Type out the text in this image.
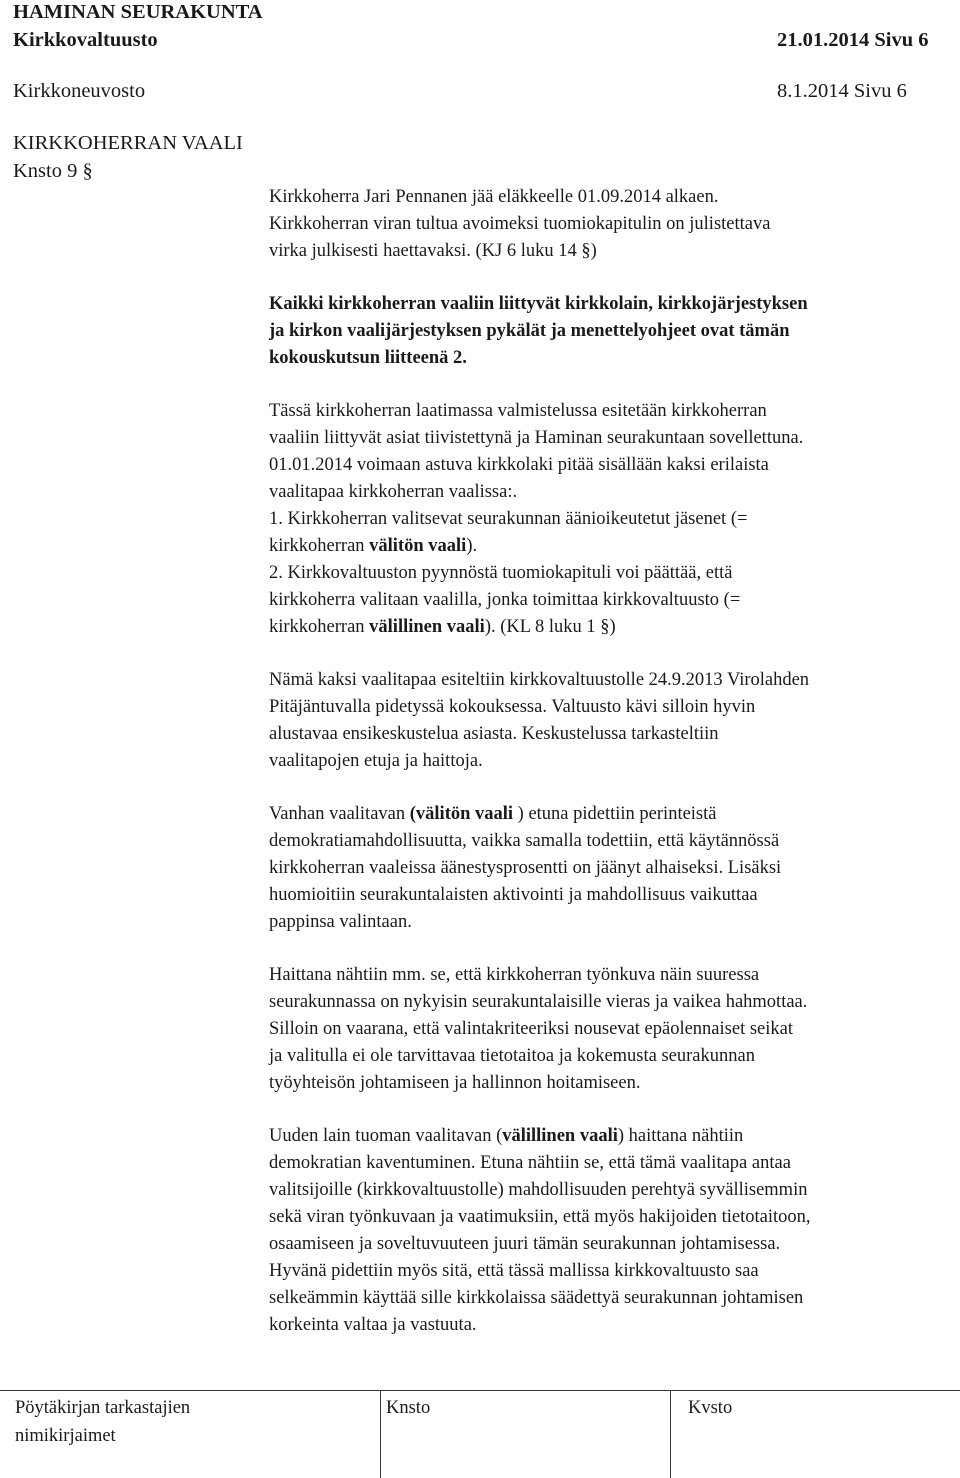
HAMINAN SEURAKUNTA
Kirkkovaltuusto	21.01.2014 Sivu 6
Kirkkoneuvosto	8.1.2014 Sivu 6
KIRKKOHERRAN VAALI
Knsto 9 §
Kirkkoherra Jari Pennanen jää eläkkeelle 01.09.2014 alkaen.
Kirkkoherran viran tultua avoimeksi tuomiokapitulin on julistettava
virka julkisesti haettavaksi. (KJ 6 luku 14 §)
Kaikki kirkkoherran vaaliin liittyvät kirkkolain, kirkkojärjestyksen
ja kirkon vaalijärjestyksen pykälät ja menettelyohjeet ovat tämän
kokouskutsun liitteenä 2.
Tässä kirkkoherran laatimassa valmistelussa esitetään kirkkoherran
vaaliin liittyvät asiat tiivistettynä ja Haminan seurakuntaan sovellettuna.
01.01.2014 voimaan astuva kirkkolaki pitää sisällään kaksi erilaista
vaalitapaa kirkkoherran vaalissa:.
1. Kirkkoherran valitsevat seurakunnan äänioikeutetut jäsenet (=
kirkkoherran välitön vaali).
2. Kirkkovaltuuston pyynnöstä tuomiokapituli voi päättää, että
kirkkoherra valitaan vaalilla, jonka toimittaa kirkkovaltuusto (=
kirkkoherran välillinen vaali). (KL 8 luku 1 §)
Nämä kaksi vaalitapaa esiteltiin kirkkovaltuustolle 24.9.2013 Virolahden
Pitäjäntuvalla pidetyssä kokouksessa. Valtuusto kävi silloin hyvin
alustavaa ensikeskustelua asiasta. Keskustelussa tarkasteltiin
vaalitapojen etuja ja haittoja.
Vanhan vaalitavan (välitön vaali ) etuna pidettiin perinteistä
demokratiamahdollisuutta, vaikka samalla todettiin, että käytännössä
kirkkoherran vaaleissa äänestysprosentti on jäänyt alhaiseksi. Lisäksi
huomioitiin seurakuntalaisten aktivointi ja mahdollisuus vaikuttaa
pappinsa valintaan.
Haittana nähtiin mm. se, että kirkkoherran työnkuva näin suuressa
seurakunnassa on nykyisin seurakuntalaisille vieras ja vaikea hahmottaa.
Silloin on vaarana, että valintakriteeriksi nousevat epäolennaiset seikat
ja valitulla ei ole tarvittavaa tietotaitoa ja kokemusta seurakunnan
työyhteisön johtamiseen ja hallinnon hoitamiseen.
Uuden lain tuoman vaalitavan (välillinen vaali) haittana nähtiin
demokratian kaventuminen. Etuna nähtiin se, että tämä vaalitapa antaa
valitsijoille (kirkkovaltuustolle) mahdollisuuden perehtyä syvällisemmin
sekä viran työnkuvaan ja vaatimuksiin, että myös hakijoiden tietotaitoon,
osaamiseen ja soveltuvuuteen juuri tämän seurakunnan johtamisessa.
Hyvänä pidettiin myös sitä, että tässä mallissa kirkkovaltuusto saa
selkeämmin käyttää sille kirkkolaissa säädettyä seurakunnan johtamisen
korkeinta valtaa ja vastuuta.
Pöytäkirjan tarkastajien
nimikirjaimet
Knsto	Kvsto
